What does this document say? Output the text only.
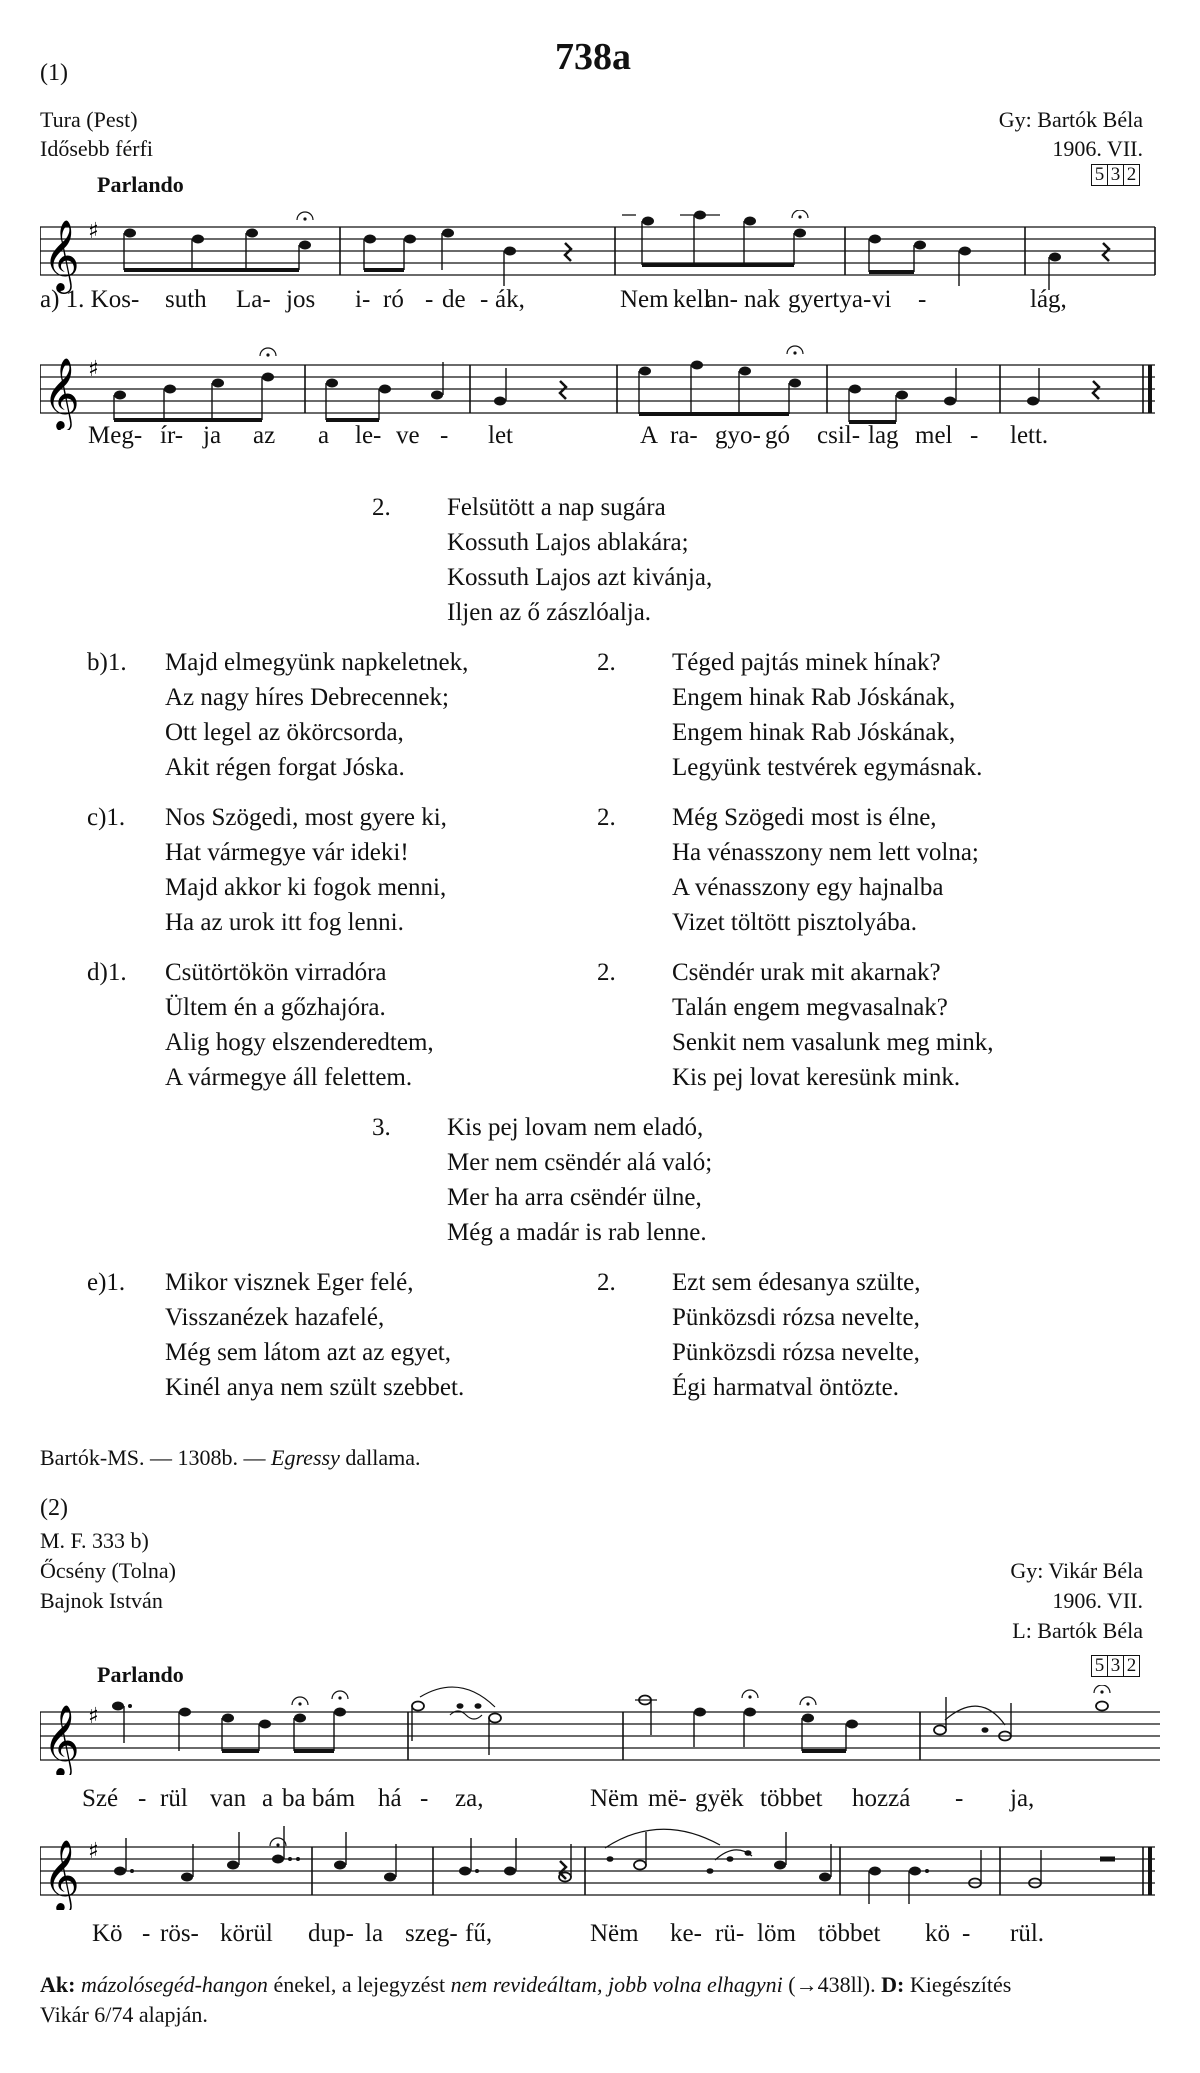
738a
(1)
Tura (Pest)
Idősebb férfi
Gy: Bartók Béla
1906. VII.
5 3 2
Parlando
𝄞 ♯
a) 1. Kos- suth La- jos i- ró - de - ák,	Nem kell
an- nak gyertya- vi -	lág,
𝄞 ♯
Meg- ír- ja az a le- ve - let	A ra- gyo- gó csil- lag mel - lett.
2. Felsütött a nap sugára
Kossuth Lajos ablakára;
Kossuth Lajos azt kivánja,
Iljen az ő zászlóalja.
b)1. Majd elmegyünk napkeletnek,
Az nagy híres Debrecennek;
Ott legel az ökörcsorda,
Akit régen forgat Jóska.
2. Téged pajtás minek hínak?
Engem hinak Rab Jóskának,
Engem hinak Rab Jóskának,
Legyünk testvérek egymásnak.
c)1. Nos Szögedi, most gyere ki,
Hat vármegye vár ideki!
Majd akkor ki fogok menni,
Ha az urok itt fog lenni.
2. Még Szögedi most is élne,
Ha vénasszony nem lett volna;
A vénasszony egy hajnalba
Vizet töltött pisztolyába.
d)1. Csütörtökön virradóra
Ültem én a gőzhajóra.
Alig hogy elszenderedtem,
A vármegye áll felettem.
2. Csëndér urak mit akarnak?
Talán engem megvasalnak?
Senkit nem vasalunk meg mink,
Kis pej lovat keresünk mink.
3. Kis pej lovam nem eladó,
Mer nem csëndér alá való;
Mer ha arra csëndér ülne,
Még a madár is rab lenne.
e)1. Mikor visznek Eger felé,
Visszanézek hazafelé,
Még sem látom azt az egyet,
Kinél anya nem szült szebbet.
2. Ezt sem édesanya szülte,
Pünközsdi rózsa nevelte,
Pünközsdi rózsa nevelte,
Égi harmatval öntözte.
Bartók-MS. — 1308b. — Egressy dallama.
(2)
M. F. 333 b)
Őcsény (Tolna)
Bajnok István
Gy: Vikár Béla
1906. VII.
L: Bartók Béla
5 3 2
Parlando
𝄞 ♯
Szé - rül van a ba bám há - za,	Nëm më- gyëk többet hozzá - ja,
𝄞 ♯
Kö - rös- körül dup- la szeg- fű,	Nëm ke- rü- löm többet kö - rül.
Ak: mázolósegéd-hangon énekel, a lejegyzést nem revideáltam, jobb volna elhagyni (→438ll). D: Kiegészítés
Vikár 6/74 alapján.
